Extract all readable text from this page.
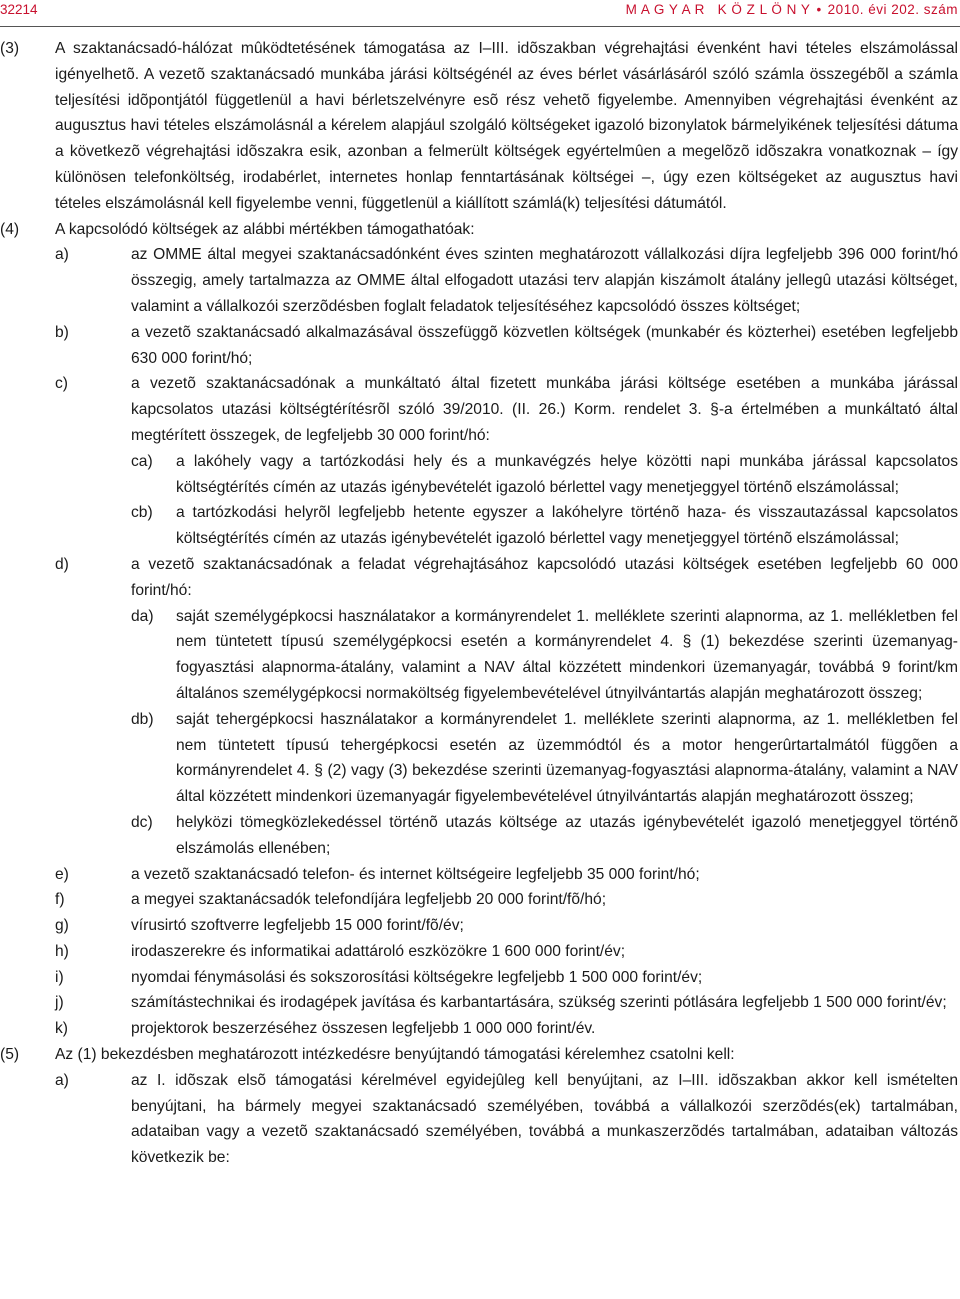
32214	M A G Y A R   K Ö Z L Ö N Y • 2010. évi 202. szám
(3) A szaktanácsadó-hálózat mûködtetésének támogatása az I–III. idõszakban végrehajtási évenként havi tételes elszámolással igényelhetõ. A vezetõ szaktanácsadó munkába járási költségénél az éves bérlet vásárlásáról szóló számla összegébõl a számla teljesítési idõpontjától függetlenül a havi bérletszelvényre esõ rész vehetõ figyelembe. Amennyiben végrehajtási évenként az augusztus havi tételes elszámolásnál a kérelem alapjául szolgáló költségeket igazoló bizonylatok bármelyikének teljesítési dátuma a következõ végrehajtási idõszakra esik, azonban a felmerült költségek egyértelmûen a megelõzõ idõszakra vonatkoznak – így különösen telefonköltség, irodabérlet, internetes honlap fenntartásának költségei –, úgy ezen költségeket az augusztus havi tételes elszámolásnál kell figyelembe venni, függetlenül a kiállított számlá(k) teljesítési dátumától.

(4) A kapcsolódó költségek az alábbi mértékben támogathatóak:

a)	az OMME által megyei szaktanácsadónként éves szinten meghatározott vállalkozási díjra legfeljebb 396 000 forint/hó összegig, amely tartalmazza az OMME által elfogadott utazási terv alapján kiszámolt átalány jellegû utazási költséget, valamint a vállalkozói szerzõdésben foglalt feladatok teljesítéséhez kapcsolódó összes költséget;

b)	a vezetõ szaktanácsadó alkalmazásával összefüggõ közvetlen költségek (munkabér és közterhei) esetében legfeljebb 630 000 forint/hó;

c)	a vezetõ szaktanácsadónak a munkáltató által fizetett munkába járási költsége esetében a munkába járással kapcsolatos utazási költségtérítésrõl szóló 39/2010. (II. 26.) Korm. rendelet 3. §-a értelmében a munkáltató által megtérített összegek, de legfeljebb 30 000 forint/hó:

ca) a lakóhely vagy a tartózkodási hely és a munkavégzés helye közötti napi munkába járással kapcsolatos költségtérítés címén az utazás igénybevételét igazoló bérlettel vagy menetjeggyel történõ elszámolással;

cb) a tartózkodási helyrõl legfeljebb hetente egyszer a lakóhelyre történõ haza- és visszautazással kapcsolatos költségtérítés címén az utazás igénybevételét igazoló bérlettel vagy menetjeggyel történõ elszámolással;

d)	a vezetõ szaktanácsadónak a feladat végrehajtásához kapcsolódó utazási költségek esetében legfeljebb 60 000 forint/hó:

da) saját személygépkocsi használatakor a kormányrendelet 1. melléklete szerinti alapnorma, az 1. mellékletben fel nem tüntetett típusú személygépkocsi esetén a kormányrendelet 4. § (1) bekezdése szerinti üzemanyag-fogyasztási alapnorma-átalány, valamint a NAV által közzétett mindenkori üzemanyagár, továbbá 9 forint/km általános személygépkocsi normaköltség figyelembevételével útnyilvántartás alapján meghatározott összeg;

db) saját tehergépkocsi használatakor a kormányrendelet 1. melléklete szerinti alapnorma, az 1. mellékletben fel nem tüntetett típusú tehergépkocsi esetén az üzemmódtól és a motor hengerûrtartalmától függõen a kormányrendelet 4. § (2) vagy (3) bekezdése szerinti üzemanyag-fogyasztási alapnorma-átalány, valamint a NAV által közzétett mindenkori üzemanyagár figyelembevételével útnyilvántartás alapján meghatározott összeg;

dc) helyközi tömegközlekedéssel történõ utazás költsége az utazás igénybevételét igazoló menetjeggyel történõ elszámolás ellenében;

e)	a vezetõ szaktanácsadó telefon- és internet költségeire legfeljebb 35 000 forint/hó;

f)	a megyei szaktanácsadók telefondíjára legfeljebb 20 000 forint/fõ/hó;

g)	vírusirtó szoftverre legfeljebb 15 000 forint/fõ/év;

h)	irodaszerekre és informatikai adattároló eszközökre 1 600 000 forint/év;

i)	nyomdai fénymásolási és sokszorosítási költségekre legfeljebb 1 500 000 forint/év;

j)	számítástechnikai és irodagépek javítása és karbantartására, szükség szerinti pótlására legfeljebb 1 500 000 forint/év;

k)	projektorok beszerzéséhez összesen legfeljebb 1 000 000 forint/év.

(5) Az (1) bekezdésben meghatározott intézkedésre benyújtandó támogatási kérelemhez csatolni kell:

a)	az I. idõszak elsõ támogatási kérelmével egyidejûleg kell benyújtani, az I–III. idõszakban akkor kell ismételten benyújtani, ha bármely megyei szaktanácsadó személyében, továbbá a vállalkozói szerzõdés(ek) tartalmában, adataiban vagy a vezetõ szaktanácsadó személyében, továbbá a munkaszerzõdés tartalmában, adataiban változás következik be:
